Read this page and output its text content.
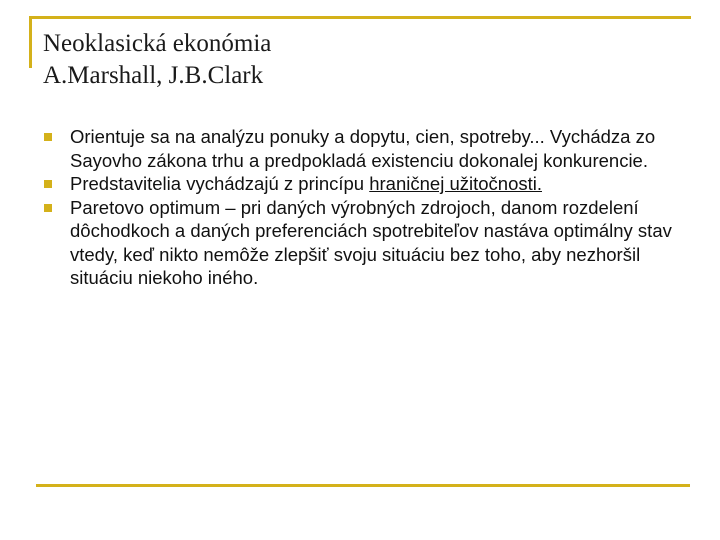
Neoklasická ekonómia
A.Marshall, J.B.Clark
Orientuje sa na analýzu ponuky a dopytu, cien, spotreby... Vychádza zo Sayovho zákona trhu a predpokladá existenciu dokonalej konkurencie.
Predstavitelia vychádzajú z princípu hraničnej užitočnosti.
Paretovo optimum – pri daných výrobných zdrojoch, danom rozdelení dôchodkoch a daných preferenciách spotrebiteľov nastáva optimálny stav vtedy, keď nikto nemôže zlepšiť svoju situáciu bez toho, aby nezhoršil situáciu niekoho iného.
